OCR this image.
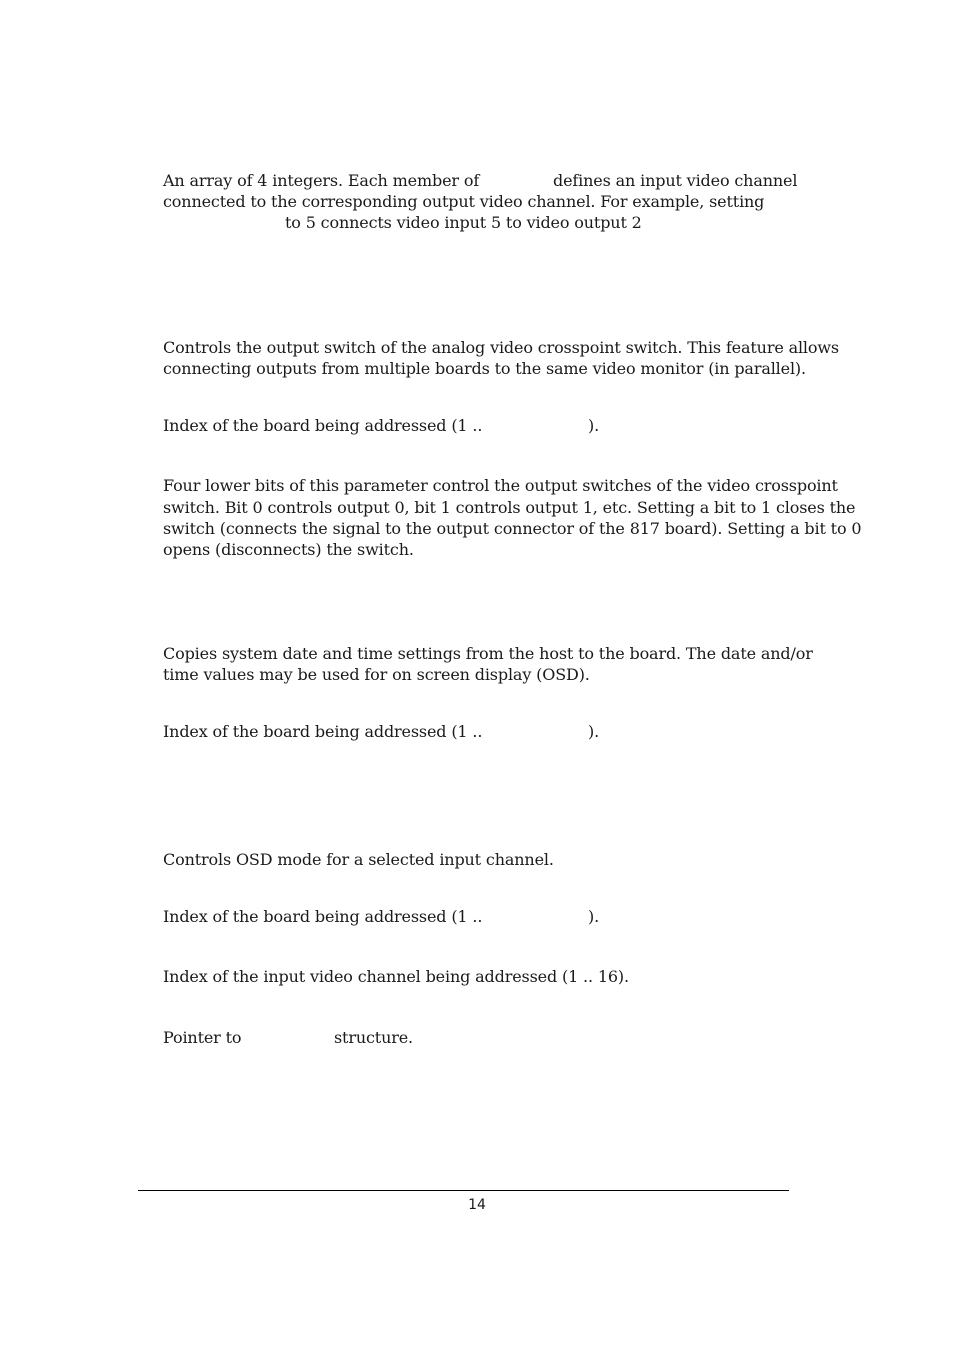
An array of 4 integers. Each member of	defines an input video channel
connected to the corresponding output video channel. For example, setting
to 5 connects video input 5 to video output 2
Controls the output switch of the analog video crosspoint switch. This feature allows
connecting outputs from multiple boards to the same video monitor (in parallel).
Index of the board being addressed (1 ..	).
Four lower bits of this parameter control the output switches of the video crosspoint
switch. Bit 0 controls output 0, bit 1 controls output 1, etc. Setting a bit to 1 closes the
switch (connects the signal to the output connector of the 817 board). Setting a bit to 0
opens (disconnects) the switch.
Copies system date and time settings from the host to the board. The date and/or
time values may be used for on screen display (OSD).
Index of the board being addressed (1 ..	).
Controls OSD mode for a selected input channel.
Index of the board being addressed (1 ..	).
Index of the input video channel being addressed (1 .. 16).
Pointer to	structure.
14
